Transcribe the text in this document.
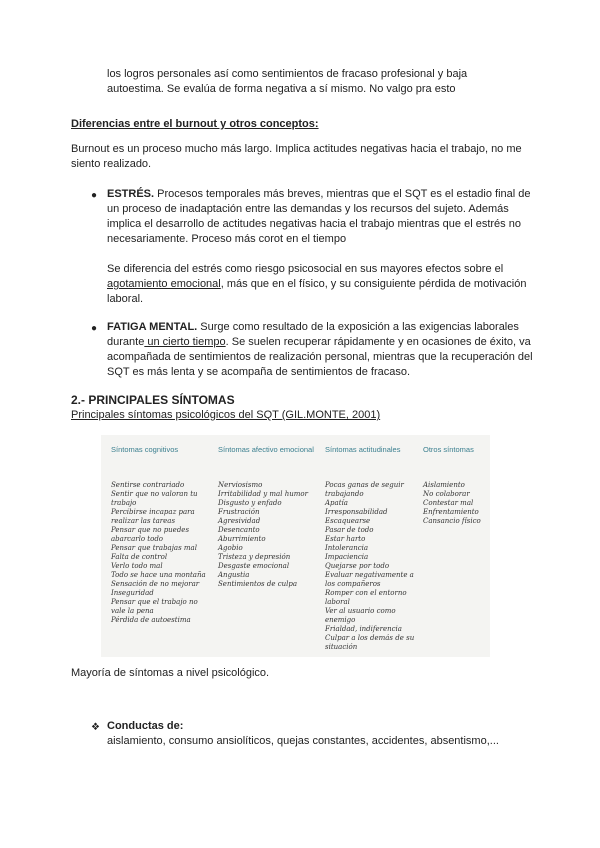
los logros personales así como sentimientos de fracaso profesional y baja
autoestima. Se evalúa de forma negativa a sí mismo. No valgo pra esto
Diferencias entre el burnout y otros conceptos:
Burnout es un proceso mucho más largo. Implica actitudes negativas hacia el trabajo, no me siento realizado.
● ESTRÉS. Procesos temporales más breves, mientras que el SQT es el estadio final de un proceso de inadaptación entre las demandas y los recursos del sujeto. Además implica el desarrollo de actitudes negativas hacia el trabajo mientras que el estrés no necesariamente. Proceso más corot en el tiempo
Se diferencia del estrés como riesgo psicosocial en sus mayores efectos sobre el agotamiento emocional, más que en el físico, y su consiguiente pérdida de motivación laboral.
● FATIGA MENTAL. Surge como resultado de la exposición a las exigencias laborales durante un cierto tiempo. Se suelen recuperar rápidamente y en ocasiones de éxito, va acompañada de sentimientos de realización personal, mientras que la recuperación del SQT es más lenta y se acompaña de sentimientos de fracaso.
2.- PRINCIPALES SÍNTOMAS
Principales síntomas psicológicos del SQT (GIL.MONTE, 2001)
Síntomas cognitivos
Sentirse contrariado
Sentir que no valoran tu trabajo
Percibirse incapaz para realizar las tareas
Pensar que no puedes abarcarlo todo
Pensar que trabajas mal
Falta de control
Verlo todo mal
Todo se hace una montaña
Sensación de no mejorar
Inseguridad
Pensar que el trabajo no vale la pena
Pérdida de autoestima
Síntomas afectivo emocional
Nerviosismo
Irritabilidad y mal humor
Disgusto y enfado
Frustración
Agresividad
Desencanto
Aburrimiento
Agobio
Tristeza y depresión
Desgaste emocional
Angustia
Sentimientos de culpa
Síntomas actitudinales
Pocas ganas de seguir trabajando
Apatía
Irresponsabilidad
Escaquearse
Pasar de todo
Estar harto
Intolerancia
Impaciencia
Quejarse por todo
Evaluar negativamente a los compañeros
Romper con el entorno laboral
Ver al usuario como enemigo
Frialdad, indiferencia
Culpar a los demás de su situación
Otros síntomas
Aislamiento
No colaborar
Contestar mal
Enfrentamiento
Cansancio físico
Mayoría de síntomas a nivel psicológico.
❖ Conductas de:
aislamiento, consumo ansiolíticos, quejas constantes, accidentes, absentismo,...
